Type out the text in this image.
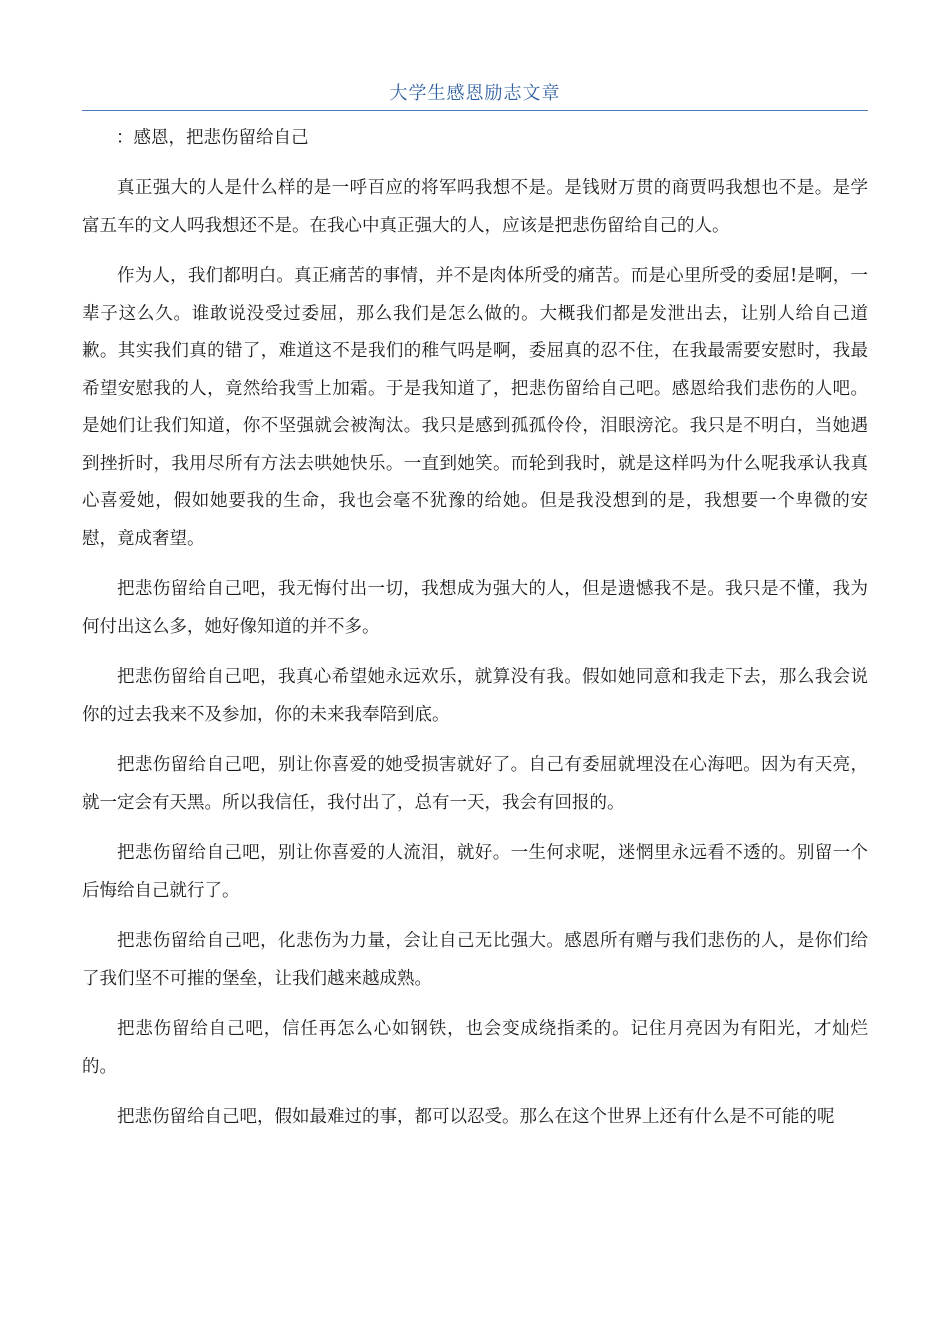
大学生感恩励志文章
：感恩，把悲伤留给自己

真正强大的人是什么样的是一呼百应的将军吗我想不是。是钱财万贯的商贾吗我想也不是。是学富五车的文人吗我想还不是。在我心中真正强大的人，应该是把悲伤留给自己的人。

作为人，我们都明白。真正痛苦的事情，并不是肉体所受的痛苦。而是心里所受的委屈!是啊，一辈子这么久。谁敢说没受过委屈，那么我们是怎么做的。大概我们都是发泄出去，让别人给自己道歉。其实我们真的错了，难道这不是我们的稚气吗是啊，委屈真的忍不住，在我最需要安慰时，我最希望安慰我的人，竟然给我雪上加霜。于是我知道了，把悲伤留给自己吧。感恩给我们悲伤的人吧。是她们让我们知道，你不坚强就会被淘汰。我只是感到孤孤伶伶，泪眼滂沱。我只是不明白，当她遇到挫折时，我用尽所有方法去哄她快乐。一直到她笑。而轮到我时，就是这样吗为什么呢我承认我真心喜爱她，假如她要我的生命，我也会毫不犹豫的给她。但是我没想到的是，我想要一个卑微的安慰，竟成奢望。

把悲伤留给自己吧，我无悔付出一切，我想成为强大的人，但是遗憾我不是。我只是不懂，我为何付出这么多，她好像知道的并不多。

把悲伤留给自己吧，我真心希望她永远欢乐，就算没有我。假如她同意和我走下去，那么我会说你的过去我来不及参加，你的未来我奉陪到底。

把悲伤留给自己吧，别让你喜爱的她受损害就好了。自己有委屈就埋没在心海吧。因为有天亮，就一定会有天黑。所以我信任，我付出了，总有一天，我会有回报的。

把悲伤留给自己吧，别让你喜爱的人流泪，就好。一生何求呢，迷惘里永远看不透的。别留一个后悔给自己就行了。

把悲伤留给自己吧，化悲伤为力量，会让自己无比强大。感恩所有赠与我们悲伤的人，是你们给了我们坚不可摧的堡垒，让我们越来越成熟。

把悲伤留给自己吧，信任再怎么心如钢铁，也会变成绕指柔的。记住月亮因为有阳光，才灿烂的。

把悲伤留给自己吧，假如最难过的事，都可以忍受。那么在这个世界上还有什么是不可能的呢
